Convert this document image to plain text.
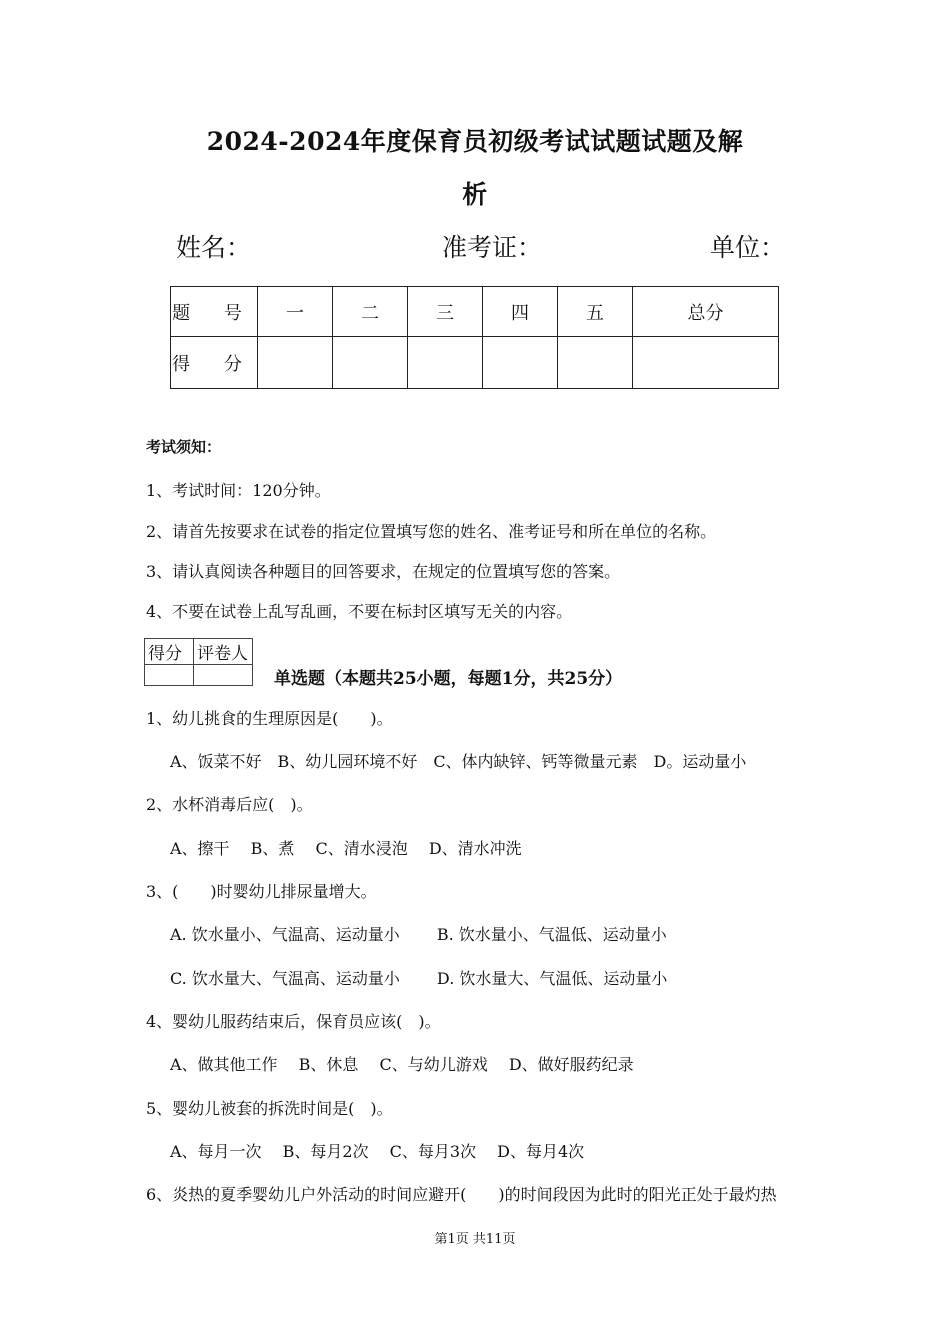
2024-2024年度保育员初级考试试题试题及解
析
姓名：	准考证：	单位：
题 号	一	二	三	四	五	总分
得 分						
考试须知：
1、考试时间：120分钟。
2、请首先按要求在试卷的指定位置填写您的姓名、准考证号和所在单位的名称。
3、请认真阅读各种题目的回答要求，在规定的位置填写您的答案。
4、不要在试卷上乱写乱画，不要在标封区填写无关的内容。
得分	评卷人

单选题（本题共25小题，每题1分，共25分）
1、幼儿挑食的生理原因是(　　)。
A、饭菜不好　B、幼儿园环境不好　C、体内缺锌、钙等微量元素　D。运动量小
2、水杯消毒后应(　)。
A、擦干　 B、煮　 C、清水浸泡　 D、清水冲洗
3、(　　)时婴幼儿排尿量增大。
A. 饮水量小、气温高、运动量小　　 B. 饮水量小、气温低、运动量小
C. 饮水量大、气温高、运动量小　　 D. 饮水量大、气温低、运动量小
4、婴幼儿服药结束后，保育员应该(　)。
A、做其他工作　 B、休息　 C、与幼儿游戏　 D、做好服药纪录
5、婴幼儿被套的拆洗时间是(　)。
A、每月一次　 B、每月2次　 C、每月3次　 D、每月4次
6、炎热的夏季婴幼儿户外活动的时间应避开(　　)的时间段因为此时的阳光正处于最灼热
第1页 共11页
